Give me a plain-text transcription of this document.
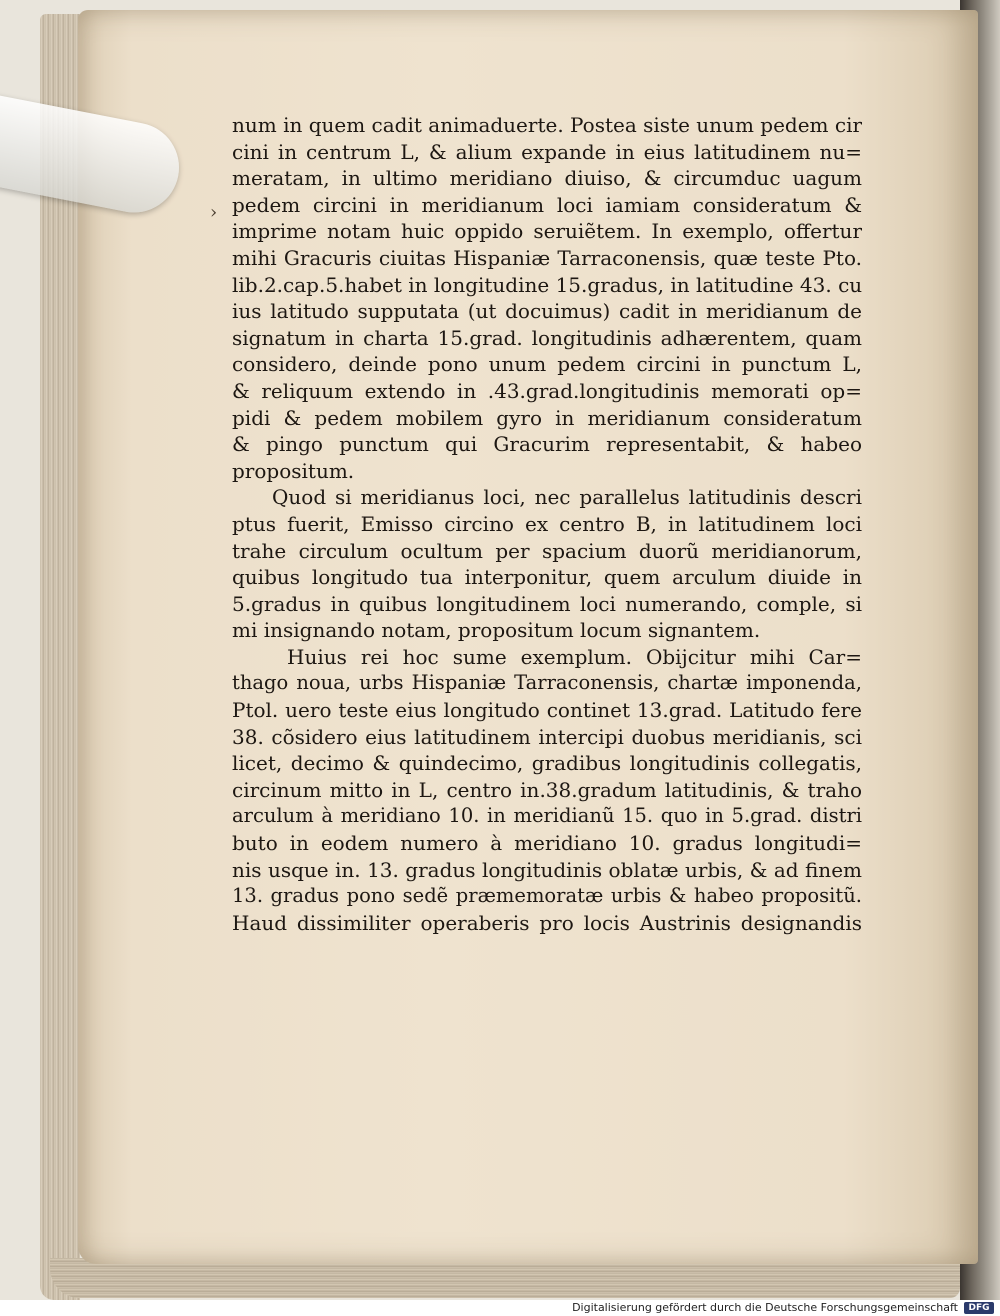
›
num in quem cadit animaduerte. Postea siste unum pedem cir
cini in centrum L, & alium expande in eius latitudinem nu=
meratam, in ultimo meridiano diuiso, & circumduc uagum
pedem circini in meridianum loci iamiam consideratum &
imprime notam huic oppido seruiẽtem. In exemplo, offertur
mihi Gracuris ciuitas Hispaniæ Tarraconensis, quæ teste Pto.
lib.2.cap.5.habet in longitudine 15.gradus, in latitudine 43. cu
ius latitudo supputata (ut docuimus) cadit in meridianum de
signatum in charta 15.grad. longitudinis adhærentem, quam
considero, deinde pono unum pedem circini in punctum L,
& reliquum extendo in .43.grad.longitudinis memorati op=
pidi & pedem mobilem gyro in meridianum consideratum
& pingo punctum qui Gracurim representabit, & habeo
propositum.
Quod si meridianus loci, nec parallelus latitudinis descri
ptus fuerit, Emisso circino ex centro B, in latitudinem loci
trahe circulum ocultum per spacium duorũ meridianorum,
quibus longitudo tua interponitur, quem arculum diuide in
5.gradus in quibus longitudinem loci numerando, comple, si
mi insignando notam, propositum locum signantem.
Huius rei hoc sume exemplum. Obijcitur mihi Car=
thago noua, urbs Hispaniæ Tarraconensis, chartæ imponenda,
Ptol. uero teste eius longitudo continet 13.grad. Latitudo fere
38. cõsidero eius latitudinem intercipi duobus meridianis, sci
licet, decimo & quindecimo, gradibus longitudinis collegatis,
circinum mitto in L, centro in.38.gradum latitudinis, & traho
arculum à meridiano 10. in meridianũ 15. quo in 5.grad. distri
buto in eodem numero à meridiano 10. gradus longitudi=
nis usque in. 13. gradus longitudinis oblatæ urbis, & ad finem
13. gradus pono sedẽ præmemoratæ urbis & habeo propositũ.
Haud dissimiliter operaberis pro locis Austrinis designandis
Digitalisierung gefördert durch die Deutsche Forschungsgemeinschaft	DFG
